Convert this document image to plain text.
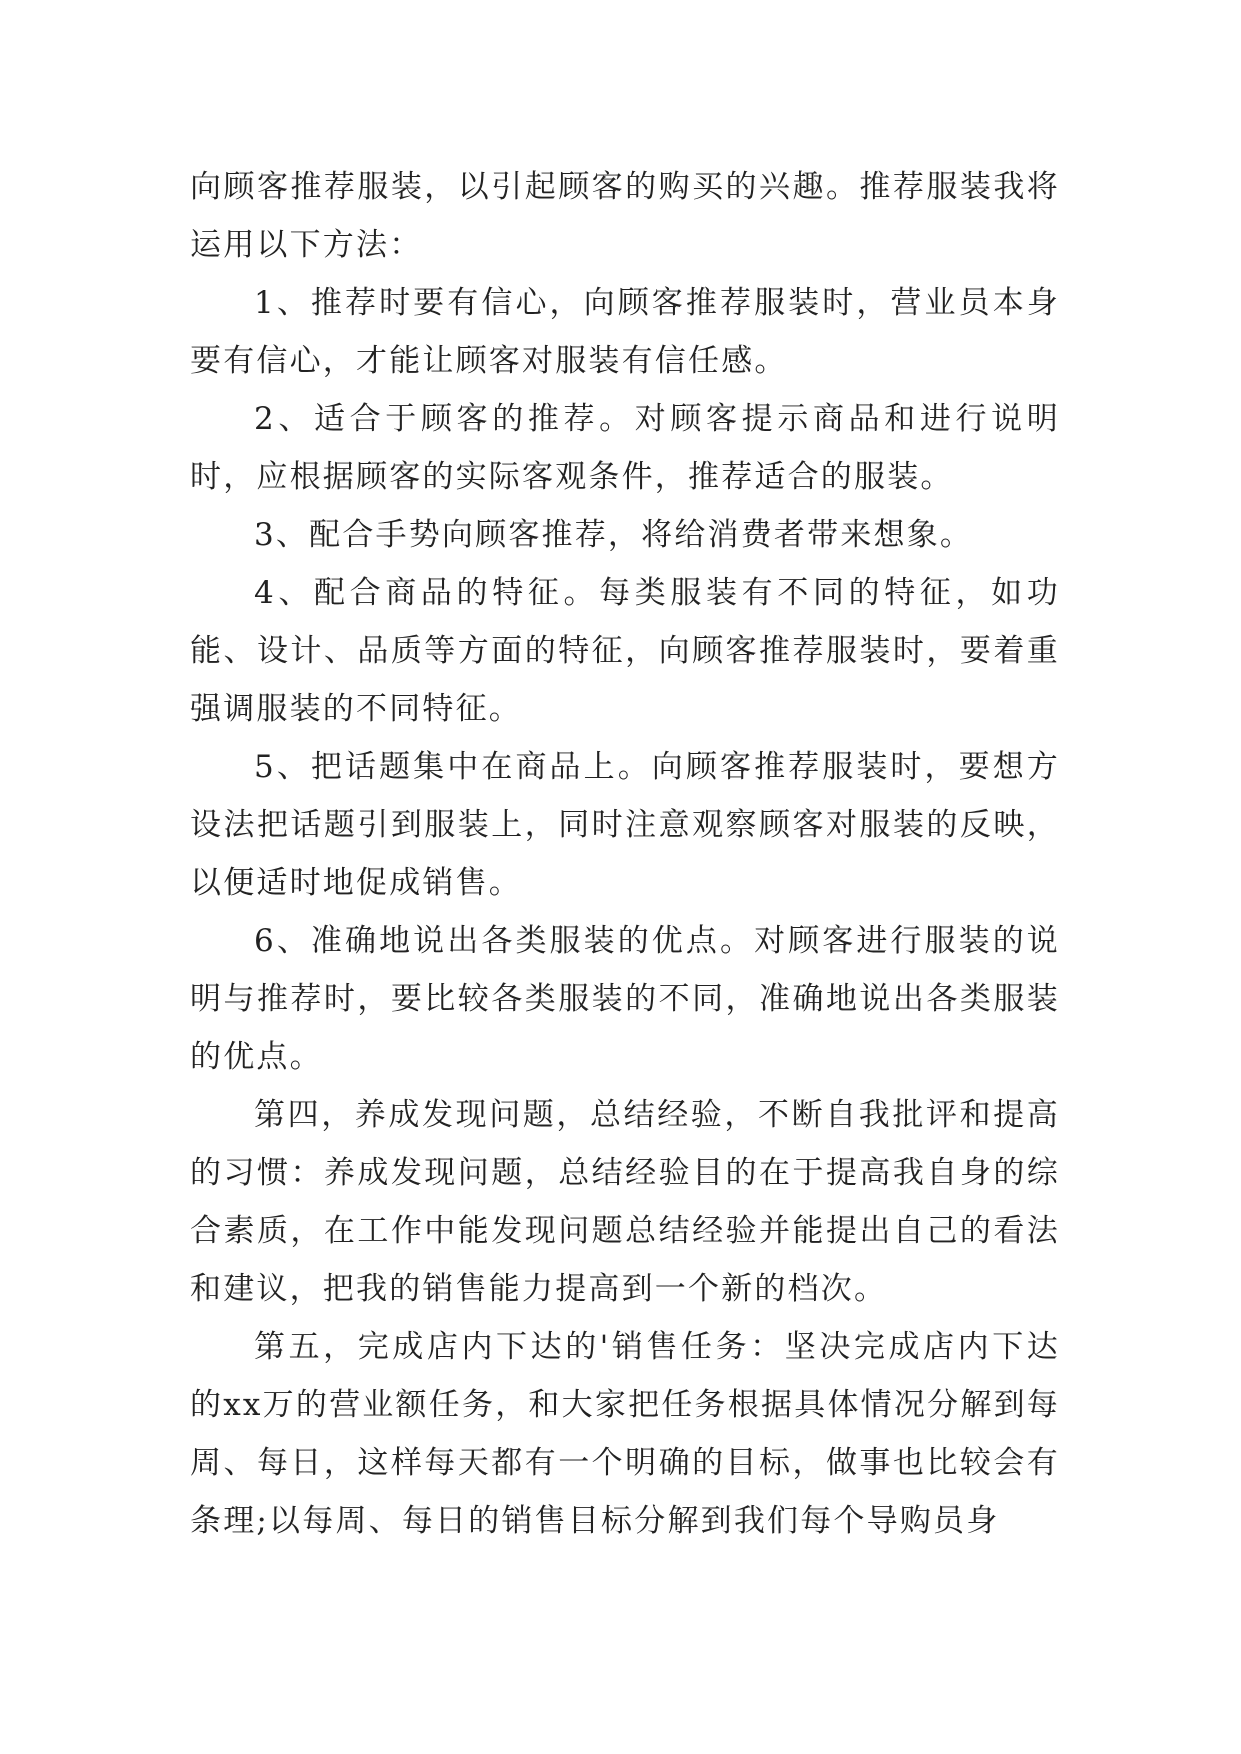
向顾客推荐服装，以引起顾客的购买的兴趣。推荐服装我将运用以下方法：

1、推荐时要有信心，向顾客推荐服装时，营业员本身要有信心，才能让顾客对服装有信任感。

2、适合于顾客的推荐。对顾客提示商品和进行说明时，应根据顾客的实际客观条件，推荐适合的服装。

3、配合手势向顾客推荐，将给消费者带来想象。

4、配合商品的特征。每类服装有不同的特征，如功能、设计、品质等方面的特征，向顾客推荐服装时，要着重强调服装的不同特征。

5、把话题集中在商品上。向顾客推荐服装时，要想方设法把话题引到服装上，同时注意观察顾客对服装的反映，以便适时地促成销售。

6、准确地说出各类服装的优点。对顾客进行服装的说明与推荐时，要比较各类服装的不同，准确地说出各类服装的优点。

第四，养成发现问题，总结经验，不断自我批评和提高的习惯：养成发现问题，总结经验目的在于提高我自身的综合素质，在工作中能发现问题总结经验并能提出自己的看法和建议，把我的销售能力提高到一个新的档次。

第五，完成店内下达的'销售任务：坚决完成店内下达的xx万的营业额任务，和大家把任务根据具体情况分解到每周、每日，这样每天都有一个明确的目标，做事也比较会有条理;以每周、每日的销售目标分解到我们每个导购员身
